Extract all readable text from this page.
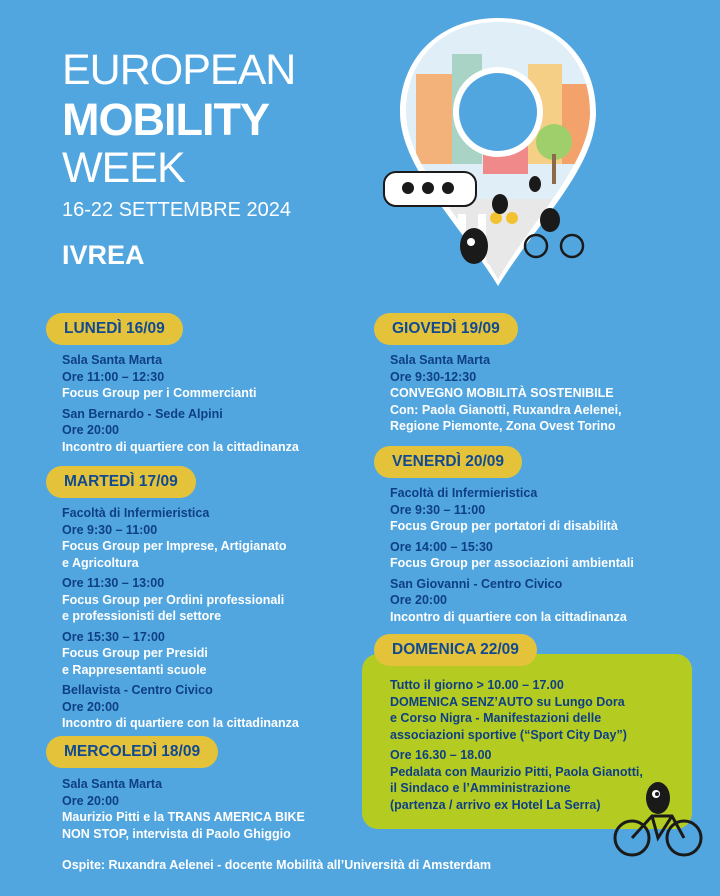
EUROPEAN
MOBILITY
WEEK
16-22 SETTEMBRE 2024
IVREA
LUNEDÌ 16/09
Sala Santa Marta
Ore 11:00 – 12:30
Focus Group per i Commercianti
San Bernardo - Sede Alpini
Ore 20:00
Incontro di quartiere con la cittadinanza
MARTEDÌ 17/09
Facoltà di Infermieristica
Ore 9:30 – 11:00
Focus Group per Imprese, Artigianato
e Agricoltura
Ore 11:30 – 13:00
Focus Group per Ordini professionali
e professionisti del settore
Ore 15:30 – 17:00
Focus Group per Presidi
e Rappresentanti scuole
Bellavista - Centro Civico
Ore 20:00
Incontro di quartiere con la cittadinanza
MERCOLEDÌ 18/09
Sala Santa Marta
Ore 20:00
Maurizio Pitti e la TRANS AMERICA BIKE
NON STOP, intervista di Paolo Ghiggio
GIOVEDÌ 19/09
Sala Santa Marta
Ore 9:30-12:30
CONVEGNO MOBILITÀ SOSTENIBILE
Con: Paola Gianotti, Ruxandra Aelenei,
Regione Piemonte, Zona Ovest Torino
VENERDÌ 20/09
Facoltà di Infermieristica
Ore 9:30 – 11:00
Focus Group per portatori di disabilità
Ore 14:00 – 15:30
Focus Group per associazioni ambientali
San Giovanni - Centro Civico
Ore 20:00
Incontro di quartiere con la cittadinanza
DOMENICA 22/09
Tutto il giorno > 10.00 – 17.00
DOMENICA SENZ’AUTO su Lungo Dora
e Corso Nigra - Manifestazioni delle
associazioni sportive (“Sport City Day”)
Ore 16.30 – 18.00
Pedalata con Maurizio Pitti, Paola Gianotti,
il Sindaco e l’Amministrazione
(partenza / arrivo ex Hotel La Serra)
Ospite: Ruxandra Aelenei - docente Mobilità all’Università di Amsterdam
